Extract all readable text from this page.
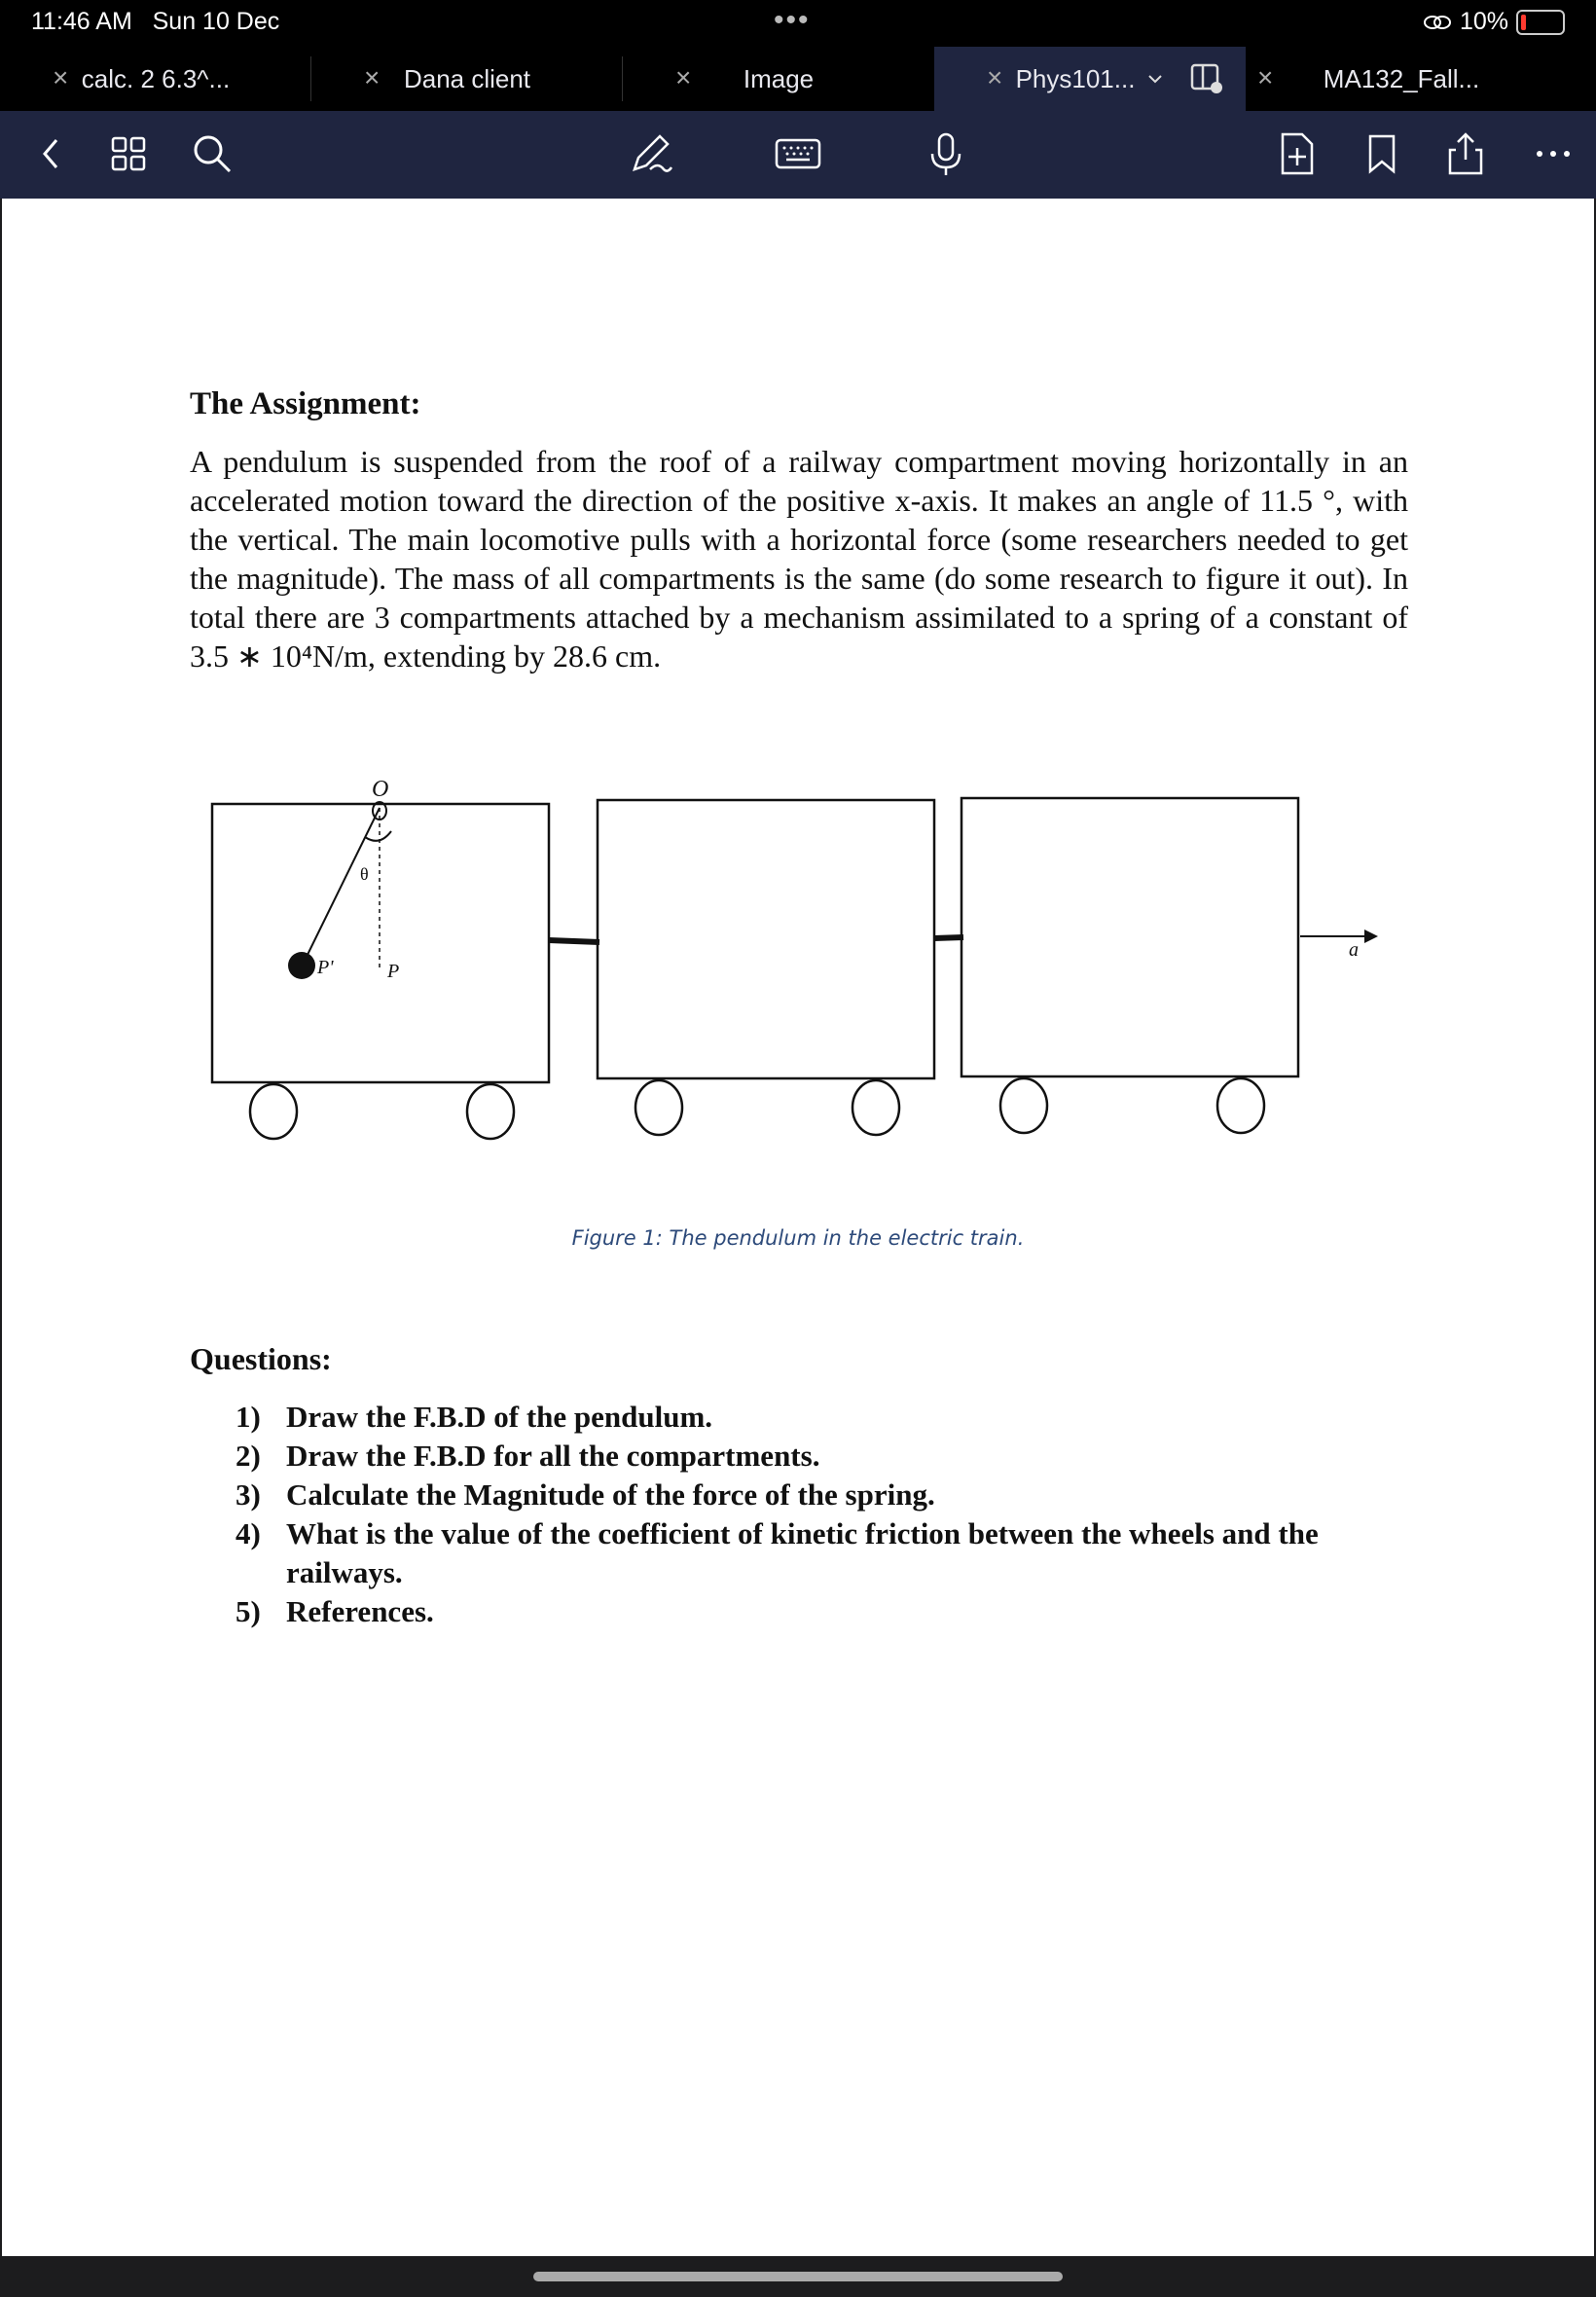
11:46 AM Sun 10 Dec	•••	10%
× calc. 2 6.3^...	× Dana client	×	Image	× Phys101...	×	MA132_Fall...
The Assignment:
A pendulum is suspended from the roof of a railway compartment moving horizontally in an accelerated motion toward the direction of the positive x-axis. It makes an angle of 11.5 °, with the vertical. The main locomotive pulls with a horizontal force (some researchers needed to get the magnitude). The mass of all compartments is the same (do some research to figure it out). In total there are 3 compartments attached by a mechanism assimilated to a spring of a constant of 3.5 ∗ 10⁴N/m, extending by 28.6 cm.
O
θ
P'	P
a
Figure 1: The pendulum in the electric train.
Questions:
1) Draw the F.B.D of the pendulum.
2) Draw the F.B.D for all the compartments.
3) Calculate the Magnitude of the force of the spring.
4) What is the value of the coefficient of kinetic friction between the wheels and the railways.
5) References.
